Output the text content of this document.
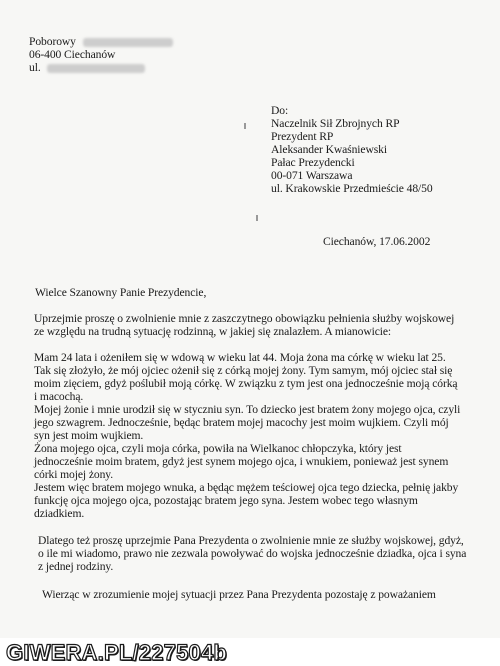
Poborowy
06-400 Ciechanów
ul.
Do:
Naczelnik Sił Zbrojnych RP
Prezydent RP
Aleksander Kwaśniewski
Pałac Prezydencki
00-071 Warszawa
ul. Krakowskie Przedmieście 48/50
Ciechanów, 17.06.2002
Wielce Szanowny Panie Prezydencie,
Uprzejmie proszę o zwolnienie mnie z zaszczytnego obowiązku pełnienia służby wojskowej
ze względu na trudną sytuację rodzinną, w jakiej się znalazłem. A mianowicie:
Mam 24 lata i ożeniłem się w wdową w wieku lat 44. Moja żona ma córkę w wieku lat 25.
Tak się złożyło, że mój ojciec ożenił się z córką mojej żony. Tym samym, mój ojciec stał się
moim zięciem, gdyż poślubił moją córkę. W związku z tym jest ona jednocześnie moją córką
i macochą.
Mojej żonie i mnie urodził się w styczniu syn. To dziecko jest bratem żony mojego ojca, czyli
jego szwagrem. Jednocześnie, będąc bratem mojej macochy jest moim wujkiem. Czyli mój
syn jest moim wujkiem.
Żona mojego ojca, czyli moja córka, powiła na Wielkanoc chłopczyka, który jest
jednocześnie moim bratem, gdyż jest synem mojego ojca, i wnukiem, ponieważ jest synem
córki mojej żony.
Jestem więc bratem mojego wnuka, a będąc mężem teściowej ojca tego dziecka, pełnię jakby
funkcję ojca mojego ojca, pozostając bratem jego syna. Jestem wobec tego własnym
dziadkiem.
Dlatego też proszę uprzejmie Pana Prezydenta o zwolnienie mnie ze służby wojskowej, gdyż,
o ile mi wiadomo, prawo nie zezwala powoływać do wojska jednocześnie dziadka, ojca i syna
z jednej rodziny.
Wierząc w zrozumienie mojej sytuacji przez Pana Prezydenta pozostaję z poważaniem
GIWERA.PL/227504b
